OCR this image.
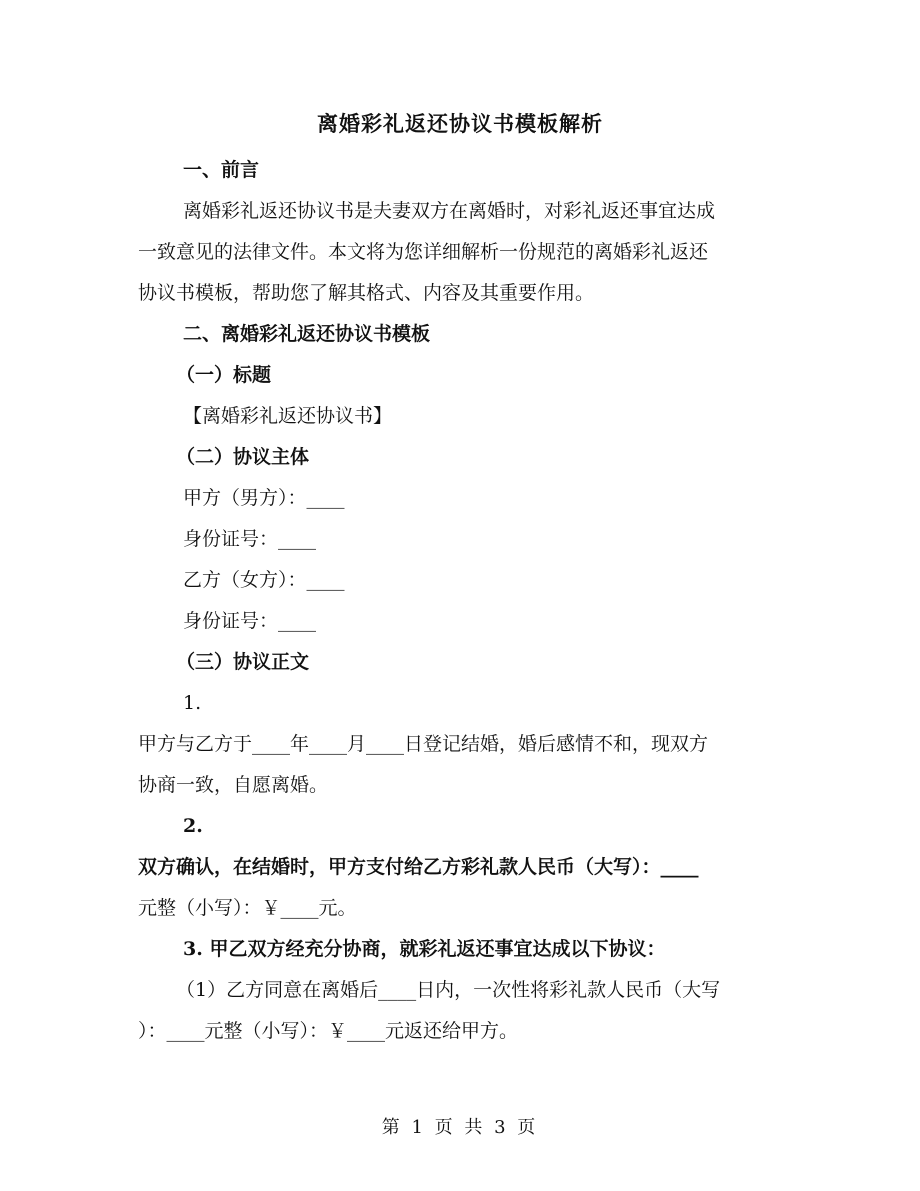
离婚彩礼返还协议书模板解析
一、前言
离婚彩礼返还协议书是夫妻双方在离婚时，对彩礼返还事宜达成
一致意见的法律文件。本文将为您详细解析一份规范的离婚彩礼返还
协议书模板，帮助您了解其格式、内容及其重要作用。
二、离婚彩礼返还协议书模板
（一）标题
【离婚彩礼返还协议书】
（二）协议主体
甲方（男方）：____
身份证号：____
乙方（女方）：____
身份证号：____
（三）协议正文
1.
甲方与乙方于____年____月____日登记结婚，婚后感情不和，现双方
协商一致，自愿离婚。
2.
双方确认，在结婚时，甲方支付给乙方彩礼款人民币（大写）：____
元整（小写）：￥____元。
3. 甲乙双方经充分协商，就彩礼返还事宜达成以下协议：
（1）乙方同意在离婚后____日内，一次性将彩礼款人民币（大写
）：____元整（小写）：￥____元返还给甲方。
第 1 页 共 3 页
